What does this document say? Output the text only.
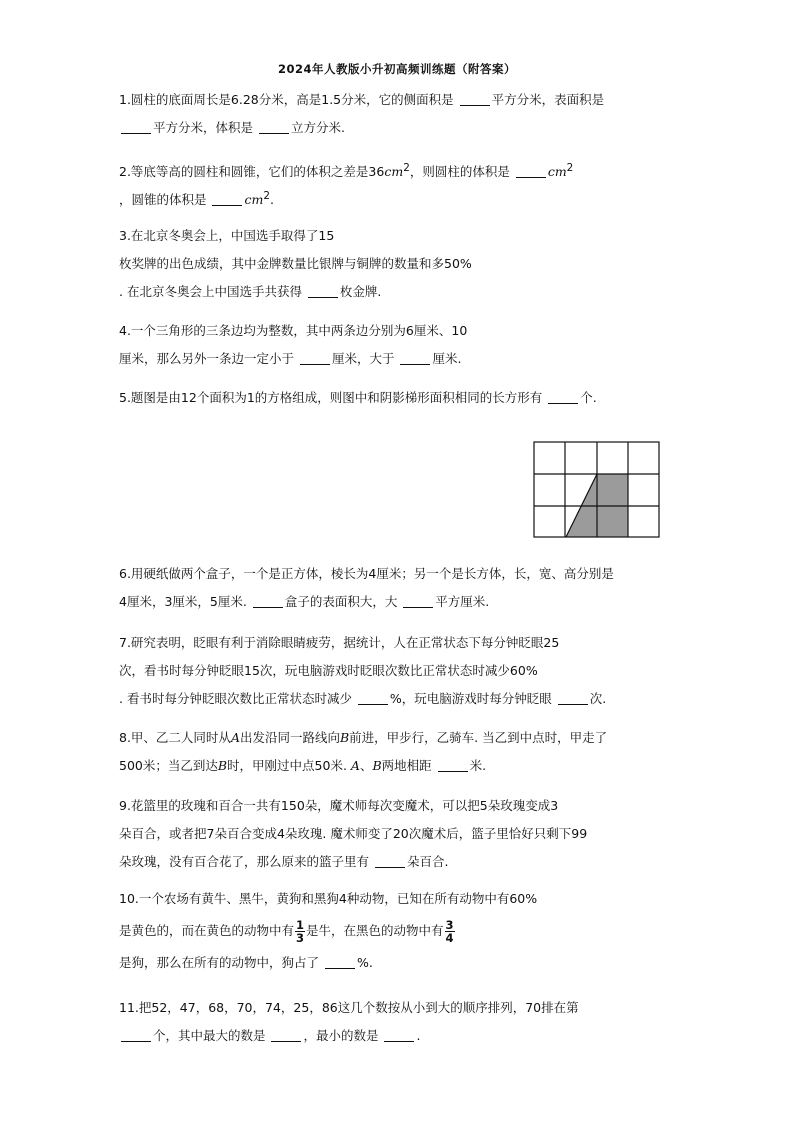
2024年人教版小升初高频训练题（附答案）
1.圆柱的底面周长是6.28分米，高是1.5分米，它的侧面积是	平方分米，表面积是
平方分米，体积是	立方分米.
2.等底等高的圆柱和圆锥，它们的体积之差是$36cm^2$，则圆柱的体积是	$cm^2$
，圆锥的体积是	$cm^2$.
3.在北京冬奥会上，中国选手取得了15
枚奖牌的出色成绩，其中金牌数量比银牌与铜牌的数量和多50%
. 在北京冬奥会上中国选手共获得	枚金牌.
4.一个三角形的三条边均为整数，其中两条边分别为6厘米、10
厘米，那么另外一条边一定小于	厘米，大于	厘米.
5.题图是由12个面积为1的方格组成，则图中和阴影梯形面积相同的长方形有	个.
6.用硬纸做两个盒子，一个是正方体，棱长为4厘米；另一个是长方体，长，宽、高分别是
4厘米，3厘米，5厘米.	盒子的表面积大，大	平方厘米.
7.研究表明，眨眼有利于消除眼睛疲劳，据统计，人在正常状态下每分钟眨眼25
次，看书时每分钟眨眼15次，玩电脑游戏时眨眼次数比正常状态时减少60%
. 看书时每分钟眨眼次数比正常状态时减少	%，玩电脑游戏时每分钟眨眼	次.
8.甲、乙二人同时从A出发沿同一路线向B前进，甲步行，乙骑车. 当乙到中点时，甲走了
500米；当乙到达B时，甲刚过中点50米. A、B两地相距	米.
9.花篮里的玫瑰和百合一共有150朵，魔术师每次变魔术，可以把5朵玫瑰变成3
朵百合，或者把7朵百合变成4朵玫瑰. 魔术师变了20次魔术后，篮子里恰好只剩下99
朵玫瑰，没有百合花了，那么原来的篮子里有	朵百合.
10.一个农场有黄牛、黑牛，黄狗和黑狗4种动物，已知在所有动物中有60%
是黄色的，而在黄色的动物中有 $\frac{1}{3}$ 是牛，在黑色的动物中有 $\frac{3}{4}$
是狗，那么在所有的动物中，狗占了	%.
11.把52，47，68，70，74，25，86这几个数按从小到大的顺序排列，70排在第
个，其中最大的数是	，最小的数是	.
